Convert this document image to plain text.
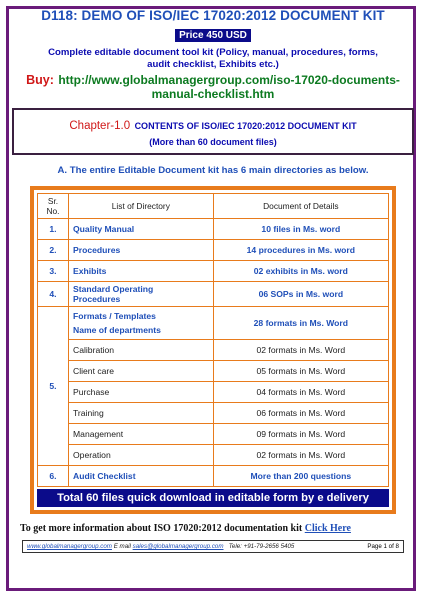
D118: DEMO OF ISO/IEC 17020:2012 DOCUMENT KIT
Price 450 USD
Complete editable document tool kit (Policy, manual, procedures, forms,
audit checklist, Exhibits etc.)
Buy: http://www.globalmanagergroup.com/iso-17020-documents-
manual-checklist.htm
Chapter-1.0 CONTENTS OF ISO/IEC 17020:2012 DOCUMENT KIT
(More than 60 document files)
A. The entire Editable Document kit has 6 main directories as below.
Sr.
No.	List of Directory	Document of Details
1.	Quality Manual	10 files in Ms. word
2.	Procedures	14 procedures in Ms. word
3.	Exhibits	02 exhibits in Ms. word
4.	Standard Operating
Procedures	06 SOPs in Ms. word
5.	Formats / Templates
Name of departments	28 formats in Ms. Word
	Calibration	02 formats in Ms. Word
	Client care	05 formats in Ms. Word
	Purchase	04 formats in Ms. Word
	Training	06 formats in Ms. Word
	Management	09 formats in Ms. Word
	Operation	02 formats in Ms. Word
6.	Audit Checklist	More than 200 questions
Total 60 files quick download in editable form by e delivery
To get more information about ISO 17020:2012 documentation kit Click Here
www.globalmanagergroup.com E mail sales@globalmanagergroup.com Tele: +91-79-2656 5405	Page 1 of 8
